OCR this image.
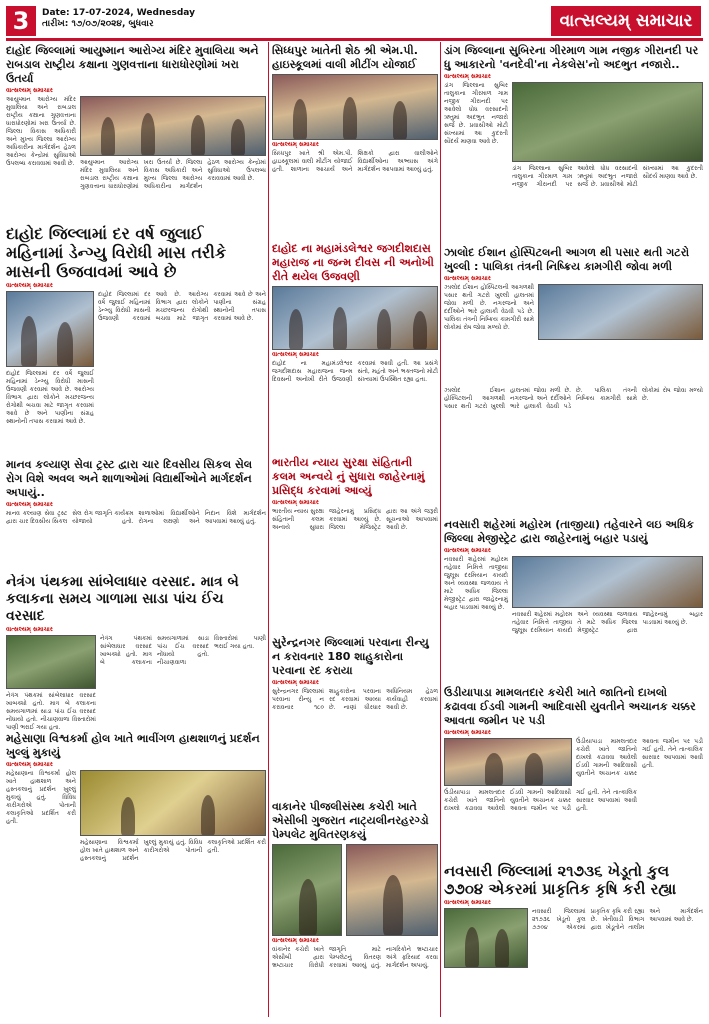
3	Date: 17-07-2024, Wednesday
તારીખ: ૧૭/૦૭/૨૦૨૪, બુધવાર	વાત્સલ્યમ્ સમાચાર
દાહોદ જિલ્લામાં આયુષ્માન આરોગ્ય મંદિર મુવાલિયા અને રાબડાલ રાષ્ટ્રીય કક્ષાના ગુણવત્તાના ધારાધોરણોમાં ખરા ઉતર્યા
વાત્સલ્યમ્ સમાચાર
આયુષ્માન આરોગ્ય મંદિર મુવાલિયા અને રાબડાલ રાષ્ટ્રીય કક્ષાના ગુણવત્તાના ધારાધોરણોમાં ખરા ઉતર્યા છે. જિલ્લા વિકાસ અધિકારી અને મુખ્ય જિલ્લા આરોગ્ય અધિકારીના માર્ગદર્શન હેઠળ આરોગ્ય કેન્દ્રોમાં સુવિધાઓ ઉપલબ્ધ કરાવવામાં આવી છે. આયુષ્માન આરોગ્ય મંદિર મુવાલિયા અને રાબડાલ રાષ્ટ્રીય કક્ષાના ગુણવત્તાના ધારાધોરણોમાં ખરા ઉતર્યા છે. જિલ્લા વિકાસ અધિકારી અને મુખ્ય જિલ્લા આરોગ્ય અધિકારીના માર્ગદર્શન હેઠળ આરોગ્ય કેન્દ્રોમાં સુવિધાઓ ઉપલબ્ધ કરાવવામાં આવી છે.
દાહોદ જિલ્લામાં દર વર્ષ જુલાઈ મહિનામાં ડેન્ગ્યુ વિરોધી માસ તરીકે માસની ઉજવાવમાં આવે છે
વાત્સલ્યમ્ સમાચાર
દાહોદ જિલ્લામાં દર વર્ષે જુલાઈ મહિનામાં ડેન્ગ્યુ વિરોધી માસની ઉજવણી કરવામાં આવે છે. આરોગ્ય વિભાગ દ્વારા લોકોને મચ્છરજન્ય રોગોથી બચવા માટે જાગૃત કરવામાં આવે છે અને પાણીના સંગ્રહ સ્થાનોની તપાસ કરવામાં આવે છે.
દાહોદ જિલ્લામાં દર વર્ષે જુલાઈ મહિનામાં ડેન્ગ્યુ વિરોધી માસની ઉજવણી કરવામાં આવે છે. આરોગ્ય વિભાગ દ્વારા લોકોને મચ્છરજન્ય રોગોથી બચવા માટે જાગૃત કરવામાં આવે છે અને પાણીના સંગ્રહ સ્થાનોની તપાસ કરવામાં આવે છે.
માનવ કલ્યાણ સેવા ટ્રસ્ટ દ્વારા ચાર દિવસીય સિકલ સેલ રોગ વિશે અવલ અને શાળાઓમાં વિદ્યાર્થીઓને માર્ગદર્શન અપાયું..
વાત્સલ્યમ્ સમાચાર
માનવ કલ્યાણ સેવા ટ્રસ્ટ દ્વારા ચાર દિવસીય સિકલ સેલ રોગ જાગૃતિ કાર્યક્રમ યોજાયો હતો. શાળાઓમાં વિદ્યાર્થીઓને રોગના લક્ષણો અને નિદાન વિશે માર્ગદર્શન આપવામાં આવ્યું હતું.
નેત્રંગ પંથકમા સાંબેલાધાર વરસાદ. માત્ર બે કલાકના સમય ગાળામા સાડા પાંચ ઈંચ વરસાદ
વાત્સલ્યમ્ સમાચાર
નેત્રંગ પંથકમાં સાંબેલાધાર વરસાદ ખાબક્યો હતો. માત્ર બે કલાકના સમયગાળામાં સાડા પાંચ ઈંચ વરસાદ નોંધાયો હતો. નીચાણવાળા વિસ્તારોમાં પાણી ભરાઈ ગયા હતા.
નેત્રંગ પંથકમાં સાંબેલાધાર વરસાદ ખાબક્યો હતો. માત્ર બે કલાકના સમયગાળામાં સાડા પાંચ ઈંચ વરસાદ નોંધાયો હતો. નીચાણવાળા વિસ્તારોમાં પાણી ભરાઈ ગયા હતા.
મહેસાણા વિશ્વકર્મા હોલ ખાતે ભાવીંગળ હાથશાળનું પ્રદર્શન ખુલ્લું મુકાયું
વાત્સલ્યમ્ સમાચાર
મહેસાણાના વિશ્વકર્મા હોલ ખાતે હાથશાળ અને હસ્તકલાનું પ્રદર્શન ખુલ્લું મુકાયું હતું. વિવિધ કારીગરોએ પોતાની કલાકૃતિઓ પ્રદર્શિત કરી હતી.
મહેસાણાના વિશ્વકર્મા હોલ ખાતે હાથશાળ અને હસ્તકલાનું પ્રદર્શન ખુલ્લું મુકાયું હતું. વિવિધ કારીગરોએ પોતાની કલાકૃતિઓ પ્રદર્શિત કરી હતી.
સિધ્ધપુર ખાતેની શેઠ શ્રી એમ.પી. હાઇસ્કૂલમાં વાલી મીટીંગ યોજાઈ
વાત્સલ્યમ્ સમાચાર
સિધ્ધપુર ખાતે શ્રી એમ.પી. હાઇસ્કૂલમાં વાલી મીટીંગ યોજાઈ હતી. શાળાના આચાર્ય અને શિક્ષકો દ્વારા વાલીઓને વિદ્યાર્થીઓના અભ્યાસ અંગે માર્ગદર્શન આપવામાં આવ્યું હતું.
દાહોદ ના મહામંડલેશ્વર જગદીશદાસ મહારાજ ના જન્મ દીવસ ની અનોખી રીતે થયેલ ઉજવણી
વાત્સલ્યમ્ સમાચાર
દાહોદ ના મહામંડલેશ્વર જગદીશદાસ મહારાજના જન્મ દિવસની અનોખી રીતે ઉજવણી કરવામાં આવી હતી. આ પ્રસંગે સંતો, મહંતો અને ભક્તજનો મોટી સંખ્યામાં ઉપસ્થિત રહ્યા હતા.
ભારતીય ન્યાય સુરક્ષા સંહિતાની કલમ અન્વયે નું સુધારા જાહેરનામું પ્રસિદ્ધ કરવામાં આવ્યું
વાત્સલ્યમ્ સમાચાર
ભારતીય ન્યાય સુરક્ષા સંહિતાની કલમ અન્વયે સુધારા જાહેરનામું પ્રસિદ્ધ કરવામાં આવ્યું છે. જિલ્લા મેજિસ્ટ્રેટ દ્વારા આ અંગે જરૂરી સૂચનાઓ આપવામાં આવી છે.
સુરેન્દ્રનગર જિલ્લામાં પરવાના રીન્યુ ન કરાવનાર 180 શાહુકારોના પરવાના રદ કરાયા
વાત્સલ્યમ્ સમાચાર
સુરેન્દ્રનગર જિલ્લામાં પરવાના રીન્યુ ન કરાવનાર ૧૮૦ શાહુકારોના પરવાના રદ કરવામાં આવ્યા છે. નાણાં ધીરધાર અધિનિયમ હેઠળ કાર્યવાહી કરવામાં આવી છે.
વાકાનેર પીજલીસંસ્થ કચેરી ખાતે એસીબી ગુજરાત નાટ્યલીનરહરગ્ડો પેમ્પલેટ મુવિતરણકયું
વાત્સલ્યમ્ સમાચાર
વાંકાનેર કચેરી ખાતે એસીબી દ્વારા ભ્રષ્ટાચાર વિરોધી જાગૃતિ માટે પેમ્પલેટનું વિતરણ કરવામાં આવ્યું હતું. નાગરિકોને ભ્રષ્ટાચાર અંગે ફરિયાદ કરવા માર્ગદર્શન અપાયું.
ડાંગ જિલ્લાના સુબિરના ગીરમાળ ગામ નજીક ગીરાનદી પર ધુ આકારનો 'વનદેવી'ના નેકલેસ'નો અદભુત નજારો..
વાત્સલ્યમ્ સમાચાર
ડાંગ જિલ્લાના સુબિર તાલુકાના ગીરમાળ ગામ નજીક ગીરાનદી પર આવેલો ધોધ વરસાદની ઋતુમાં અદભુત નજારો સર્જે છે. પ્રવાસીઓ મોટી સંખ્યામાં આ કુદરતી સૌંદર્ય માણવા આવે છે.
ડાંગ જિલ્લાના સુબિર તાલુકાના ગીરમાળ ગામ નજીક ગીરાનદી પર આવેલો ધોધ વરસાદની ઋતુમાં અદભુત નજારો સર્જે છે. પ્રવાસીઓ મોટી સંખ્યામાં આ કુદરતી સૌંદર્ય માણવા આવે છે.
ઝાલોદ ઈશાન હોસ્પિટલની આગળ થી પસાર થતી ગટરો ખુલ્લી : પાલિકા તંત્રની નિષ્ક્રિય કામગીરી જોવા મળી
વાત્સલ્યમ્ સમાચાર
ઝાલોદ ઈશાન હોસ્પિટલની આગળથી પસાર થતી ગટરો ખુલ્લી હાલતમાં જોવા મળી છે. નગરજનો અને દર્દીઓને ભારે હાલાકી વેઠવી પડે છે. પાલિકા તંત્રની નિષ્ક્રિય કામગીરી સામે લોકોમાં રોષ જોવા મળ્યો છે.
ઝાલોદ ઈશાન હોસ્પિટલની આગળથી પસાર થતી ગટરો ખુલ્લી હાલતમાં જોવા મળી છે. નગરજનો અને દર્દીઓને ભારે હાલાકી વેઠવી પડે છે. પાલિકા તંત્રની નિષ્ક્રિય કામગીરી સામે લોકોમાં રોષ જોવા મળ્યો છે.
નવસારી શહેરમાં મહોરમ (તાજીયા) તહેવારને લઇ અધિક જિલ્લા મેજીસ્ટ્રેટ દ્વારા જાહેરનામું બહાર પડાયું
વાત્સલ્યમ્ સમાચાર
નવસારી શહેરમાં મહોરમ તહેવાર નિમિત્તે તાજીયા જુલૂસ દરમિયાન કાયદો અને વ્યવસ્થા જળવાય તે માટે અધિક જિલ્લા મેજીસ્ટ્રેટ દ્વારા જાહેરનામું બહાર પાડવામાં આવ્યું છે.
નવસારી શહેરમાં મહોરમ તહેવાર નિમિત્તે તાજીયા જુલૂસ દરમિયાન કાયદો અને વ્યવસ્થા જળવાય તે માટે અધિક જિલ્લા મેજીસ્ટ્રેટ દ્વારા જાહેરનામું બહાર પાડવામાં આવ્યું છે.
ઉંડીયાપાડા મામલતદાર કચેરી ખાતે જાતિનો દાખલો કઢાવવા ઈડવી ગામની આદિવાસી યુવતીને અચાનક ચક્કર આવતા જમીન પર પડી
વાત્સલ્યમ્ સમાચાર
ઉંડીયાપાડા મામલતદાર કચેરી ખાતે જાતિનો દાખલો કઢાવવા આવેલી ઈડવી ગામની આદિવાસી યુવતીને અચાનક ચક્કર આવતા જમીન પર પડી ગઈ હતી. તેને તાત્કાલિક સારવાર આપવામાં આવી હતી.
ઉંડીયાપાડા મામલતદાર કચેરી ખાતે જાતિનો દાખલો કઢાવવા આવેલી ઈડવી ગામની આદિવાસી યુવતીને અચાનક ચક્કર આવતા જમીન પર પડી ગઈ હતી. તેને તાત્કાલિક સારવાર આપવામાં આવી હતી.
નવસારી જિલ્લામાં ૨૧૭૩૬ ખેડૂતો કુલ ૭૭૦૪ એકરમાં પ્રાકૃતિક કૃષિ કરી રહ્યા
વાત્સલ્યમ્ સમાચાર
નવસારી જિલ્લામાં ૨૧૭૩૬ ખેડૂતો કુલ ૭૭૦૪ એકરમાં પ્રાકૃતિક કૃષિ કરી રહ્યા છે. ખેતીવાડી વિભાગ દ્વારા ખેડૂતોને તાલીમ અને માર્ગદર્શન આપવામાં આવે છે.
